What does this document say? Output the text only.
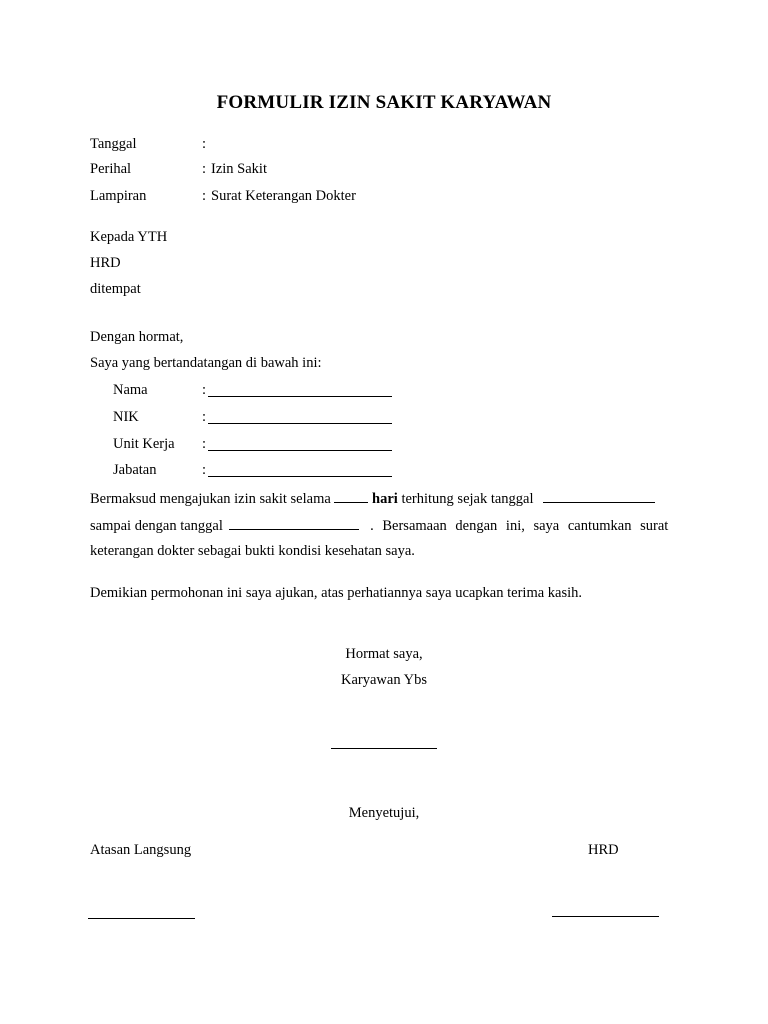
FORMULIR IZIN SAKIT KARYAWAN
Tanggal	:
Perihal	: Izin Sakit
Lampiran	: Surat Keterangan Dokter
Kepada YTH
HRD
ditempat
Dengan hormat,
Saya yang bertandatangan di bawah ini:
Nama	:
NIK	:
Unit Kerja :
Jabatan	:
Bermaksud mengajukan izin sakit selama	hari terhitung sejak tanggal
sampai dengan tanggal	. Bersamaan dengan ini, saya cantumkan surat
keterangan dokter sebagai bukti kondisi kesehatan saya.
Demikian permohonan ini saya ajukan, atas perhatiannya saya ucapkan terima kasih.
Hormat saya,
Karyawan Ybs
Menyetujui,
Atasan Langsung	HRD
